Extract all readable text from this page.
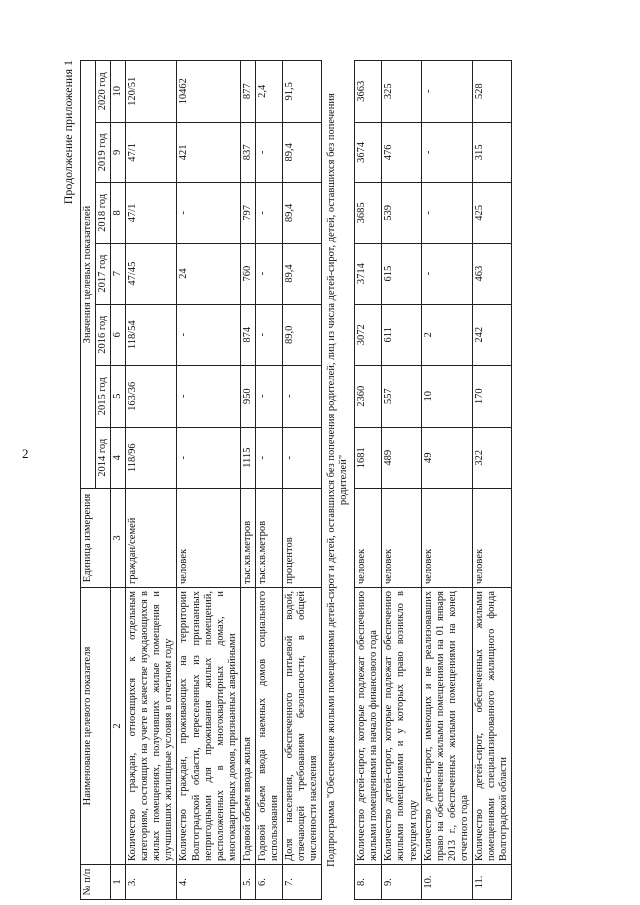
2
Продолжение приложения 1
№ п/п	Наименование целевого показателя	Единица измерения	Значения целевых показателей						
			2014 год	2015 год	2016 год	2017 год	2018 год	2019 год	2020 год
1	2	3	4	5	6	7	8	9	10
3.	Количество граждан, относящихся к отдельным категориям, состоящих на учете в качестве нуждающихся в жилых помещениях, получивших жилые помещения и улучшивших жилищные условия в отчетном году	граждан/семей	118/96	163/36	118/54	47/45	47/1	47/1	120/51
4.	Количество граждан, проживающих на территории Волгоградской области, переселенных из признанных непригодными для проживания жилых помещений, расположенных в многоквартирных домах, и многоквартирных домов, признанных аварийными	человек	-	-	-	24	-	421	10462
5.	Годовой объем ввода жилья	тыс.кв.метров	1115	950	874	760	797	837	877
6.	Годовой объем ввода наемных домов социального использования	тыс.кв.метров	-	-	-	-	-	-	2,4
7.	Доля населения, обеспеченного питьевой водой, отвечающей требованиям безопасности, в общей численности населения	процентов	-	-	89,0	89,4	89,4	89,4	91,5
Подпрограмма "Обеспечение жилыми помещениями детей-сирот и детей, оставшихся без попечения родителей, лиц из числа детей-сирот, детей, оставшихся без попечения родителей"									
8.	Количество детей-сирот, которые подлежат обеспечению жилыми помещениями на начало финансового года	человек	1681	2360	3072	3714	3685	3674	3663
9.	Количество детей-сирот, которые подлежат обеспечению жилыми помещениями и у которых право возникло в текущем году	человек	489	557	611	615	539	476	325
10.	Количество детей-сирот, имеющих и не реализовавших право на обеспечение жилыми помещениями на 01 января 2013 г., обеспеченных жилыми помещениями на конец отчетного года	человек	49	10	2	-	-	-	-
11.	Количество детей-сирот, обеспеченных жилыми помещениями специализированного жилищного фонда Волгоградской области	человек	322	170	242	463	425	315	528
